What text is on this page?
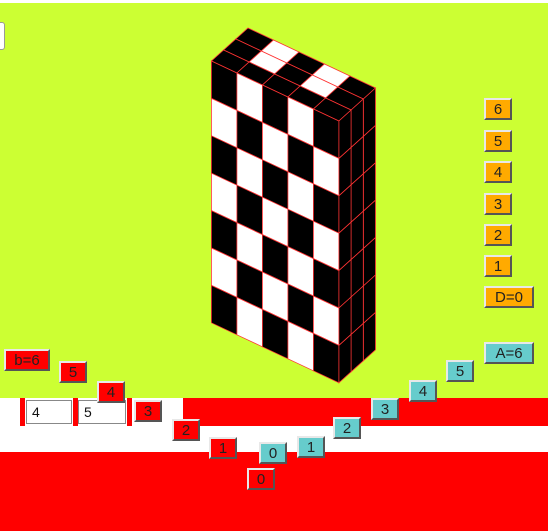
4	5
6
5
4
3
2
1
D=0
0	1
2
3
4
5
A=6
b=6
5
4
3
2
1
0
